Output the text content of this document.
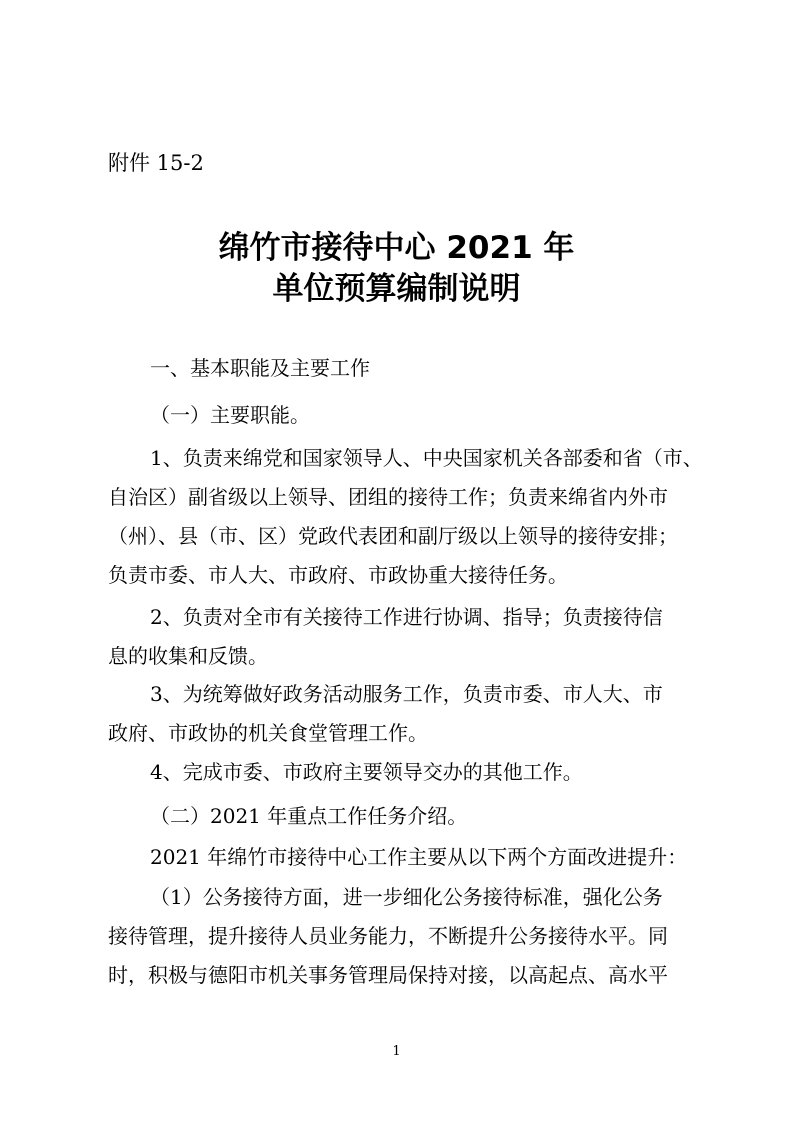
附件 15-2
绵竹市接待中心 2021 年
单位预算编制说明
一、基本职能及主要工作
（一）主要职能。
1、负责来绵党和国家领导人、中央国家机关各部委和省（市、
自治区）副省级以上领导、团组的接待工作；负责来绵省内外市
（州）、县（市、区）党政代表团和副厅级以上领导的接待安排；
负责市委、市人大、市政府、市政协重大接待任务。
2、负责对全市有关接待工作进行协调、指导；负责接待信
息的收集和反馈。
3、为统筹做好政务活动服务工作，负责市委、市人大、市
政府、市政协的机关食堂管理工作。
4、完成市委、市政府主要领导交办的其他工作。
（二）2021 年重点工作任务介绍。
2021 年绵竹市接待中心工作主要从以下两个方面改进提升：
（1）公务接待方面，进一步细化公务接待标准，强化公务
接待管理，提升接待人员业务能力，不断提升公务接待水平。同
时，积极与德阳市机关事务管理局保持对接，以高起点、高水平
1
